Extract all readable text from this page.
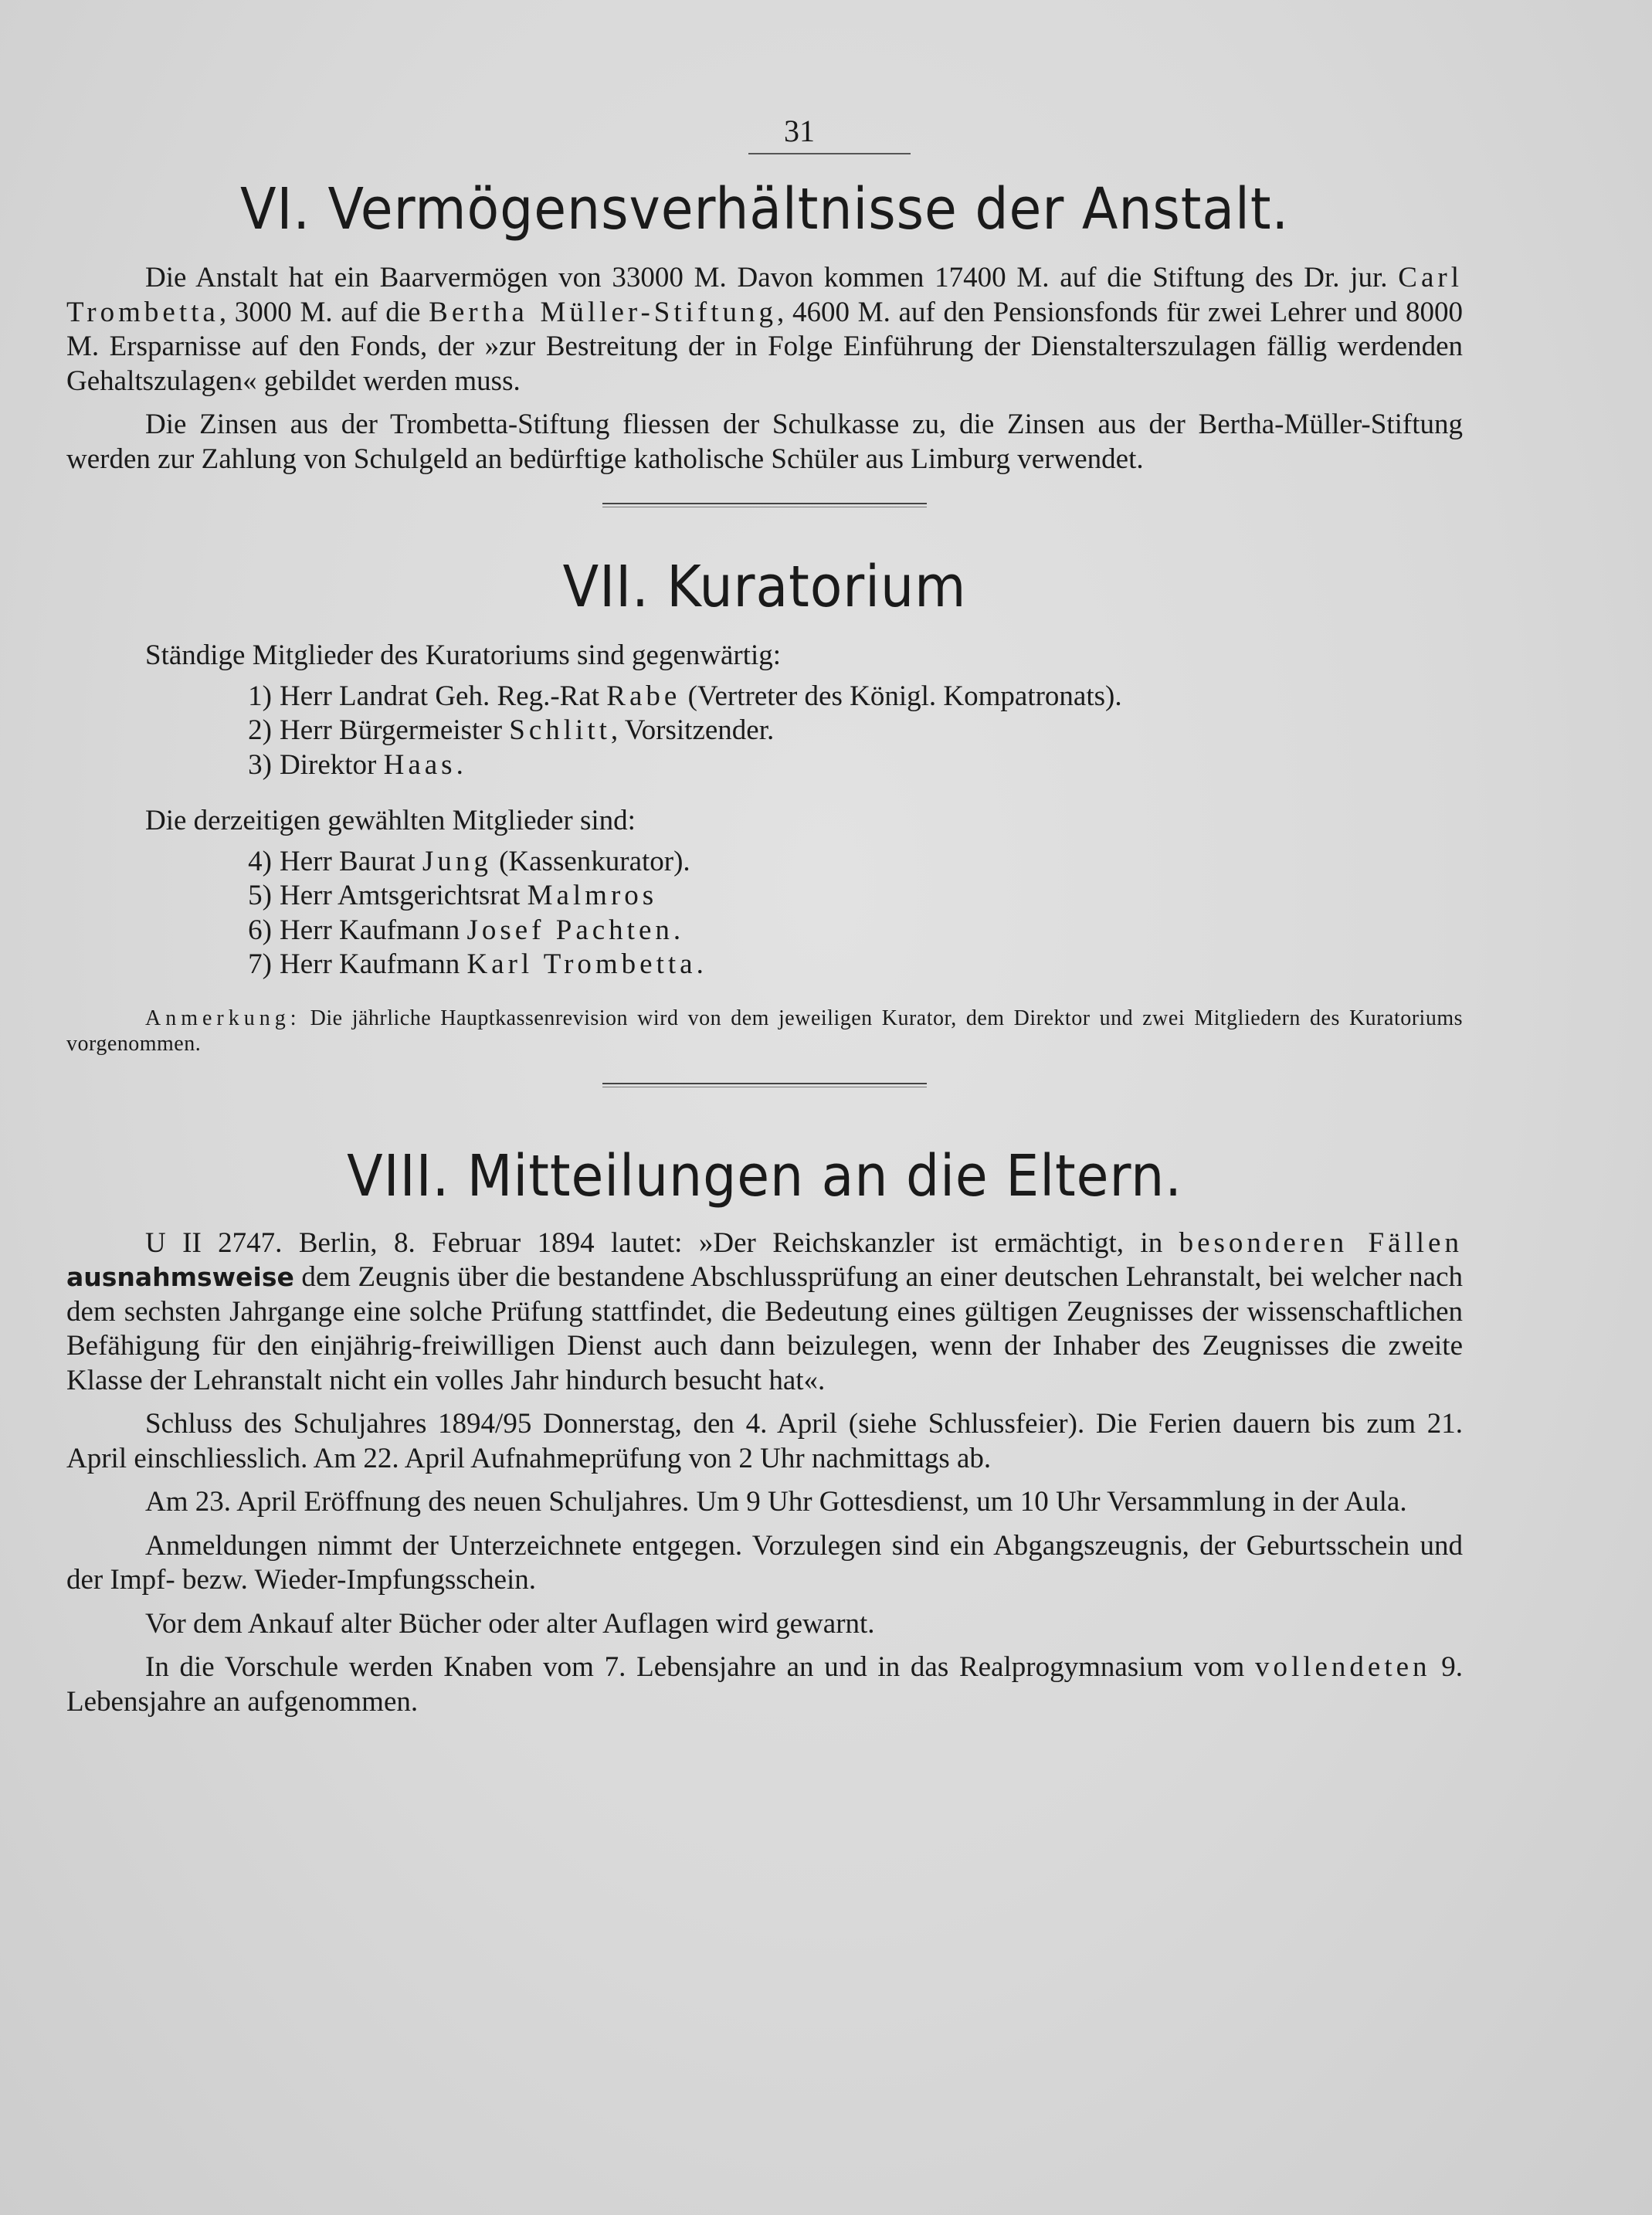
31
VI. Vermögensverhältnisse der Anstalt.

Die Anstalt hat ein Baarvermögen von 33000 M. Davon kommen 17400 M. auf die Stiftung des Dr. jur. Carl Trombetta, 3000 M. auf die Bertha Müller-Stiftung, 4600 M. auf den Pensionsfonds für zwei Lehrer und 8000 M. Ersparnisse auf den Fonds, der »zur Bestreitung der in Folge Einführung der Dienstalterszulagen fällig werdenden Gehaltszulagen« gebildet werden muss.

Die Zinsen aus der Trombetta-Stiftung fliessen der Schulkasse zu, die Zinsen aus der Bertha-Müller-Stiftung werden zur Zahlung von Schulgeld an bedürftige katholische Schüler aus Limburg verwendet.

VII. Kuratorium
Ständige Mitglieder des Kuratoriums sind gegenwärtig:
1) Herr Landrat Geh. Reg.-Rat Rabe (Vertreter des Königl. Kompatronats).
2) Herr Bürgermeister Schlitt, Vorsitzender.
3) Direktor Haas.
Die derzeitigen gewählten Mitglieder sind:
4) Herr Baurat Jung (Kassenkurator).
5) Herr Amtsgerichtsrat Malmros
6) Herr Kaufmann Josef Pachten.
7) Herr Kaufmann Karl Trombetta.

Anmerkung: Die jährliche Hauptkassenrevision wird von dem jeweiligen Kurator, dem Direktor und zwei Mitgliedern des Kuratoriums vorgenommen.

VIII. Mitteilungen an die Eltern.

U II 2747. Berlin, 8. Februar 1894 lautet: »Der Reichskanzler ist ermächtigt, in besonderen Fällen ausnahmsweise dem Zeugnis über die bestandene Abschlussprüfung an einer deutschen Lehranstalt, bei welcher nach dem sechsten Jahrgange eine solche Prüfung stattfindet, die Bedeutung eines gültigen Zeugnisses der wissenschaftlichen Befähigung für den einjährig-freiwilligen Dienst auch dann beizulegen, wenn der Inhaber des Zeugnisses die zweite Klasse der Lehranstalt nicht ein volles Jahr hindurch besucht hat«.

Schluss des Schuljahres 1894/95 Donnerstag, den 4. April (siehe Schlussfeier). Die Ferien dauern bis zum 21. April einschliesslich. Am 22. April Aufnahmeprüfung von 2 Uhr nachmittags ab.

Am 23. April Eröffnung des neuen Schuljahres. Um 9 Uhr Gottesdienst, um 10 Uhr Versammlung in der Aula.

Anmeldungen nimmt der Unterzeichnete entgegen. Vorzulegen sind ein Abgangszeugnis, der Geburtsschein und der Impf- bezw. Wieder-Impfungsschein.

Vor dem Ankauf alter Bücher oder alter Auflagen wird gewarnt.

In die Vorschule werden Knaben vom 7. Lebensjahre an und in das Realprogymnasium vom vollendeten 9. Lebensjahre an aufgenommen.
